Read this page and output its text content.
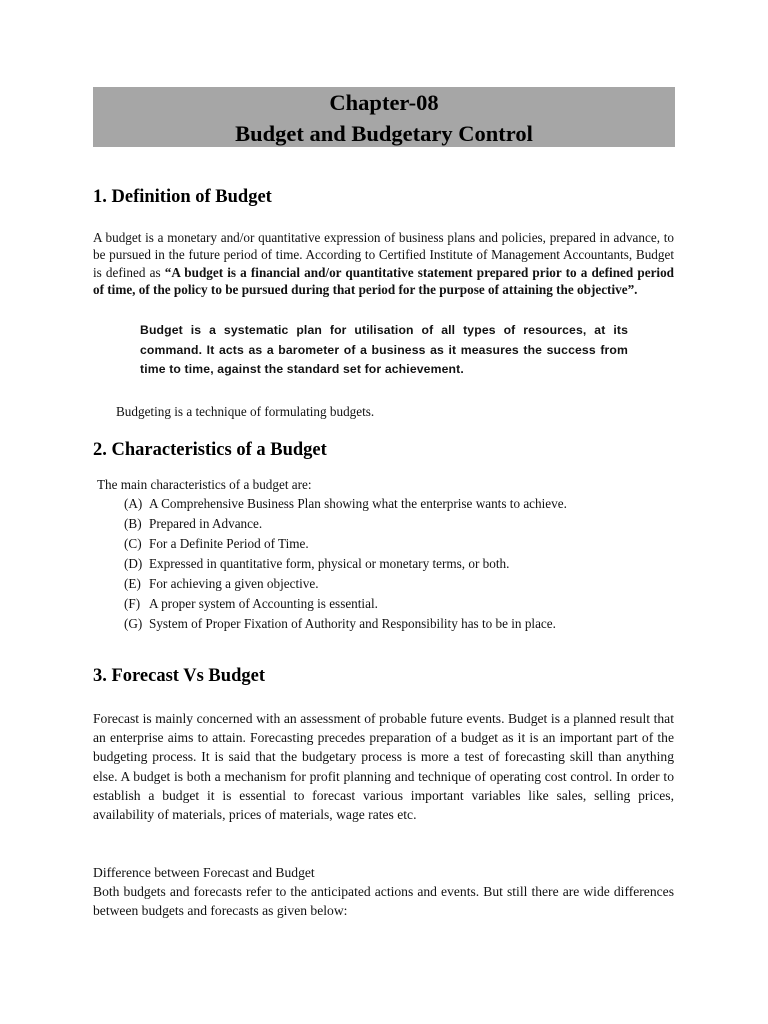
Chapter-08
Budget and Budgetary Control
1. Definition of Budget

A budget is a monetary and/or quantitative expression of business plans and policies, prepared in advance, to be pursued in the future period of time. According to Certified Institute of Management Accountants, Budget is defined as “A budget is a financial and/or quantitative statement prepared prior to a defined period of time, of the policy to be pursued during that period for the purpose of attaining the objective”.

Budget is a systematic plan for utilisation of all types of resources, at its command. It acts as a barometer of a business as it measures the success from time to time, against the standard set for achievement.

Budgeting is a technique of formulating budgets.

2. Characteristics of a Budget

The main characteristics of a budget are:

(A) A Comprehensive Business Plan showing what the enterprise wants to achieve.
(B) Prepared in Advance.
(C) For a Definite Period of Time.
(D) Expressed in quantitative form, physical or monetary terms, or both.
(E) For achieving a given objective.
(F) A proper system of Accounting is essential.
(G) System of Proper Fixation of Authority and Responsibility has to be in place.
3. Forecast Vs Budget

Forecast is mainly concerned with an assessment of probable future events. Budget is a planned result that an enterprise aims to attain. Forecasting precedes preparation of a budget as it is an important part of the budgeting process. It is said that the budgetary process is more a test of forecasting skill than anything else. A budget is both a mechanism for profit planning and technique of operating cost control. In order to establish a budget it is essential to forecast various important variables like sales, selling prices, availability of materials, prices of materials, wage rates etc.

Difference between Forecast and Budget

Both budgets and forecasts refer to the anticipated actions and events. But still there are wide differences between budgets and forecasts as given below:
